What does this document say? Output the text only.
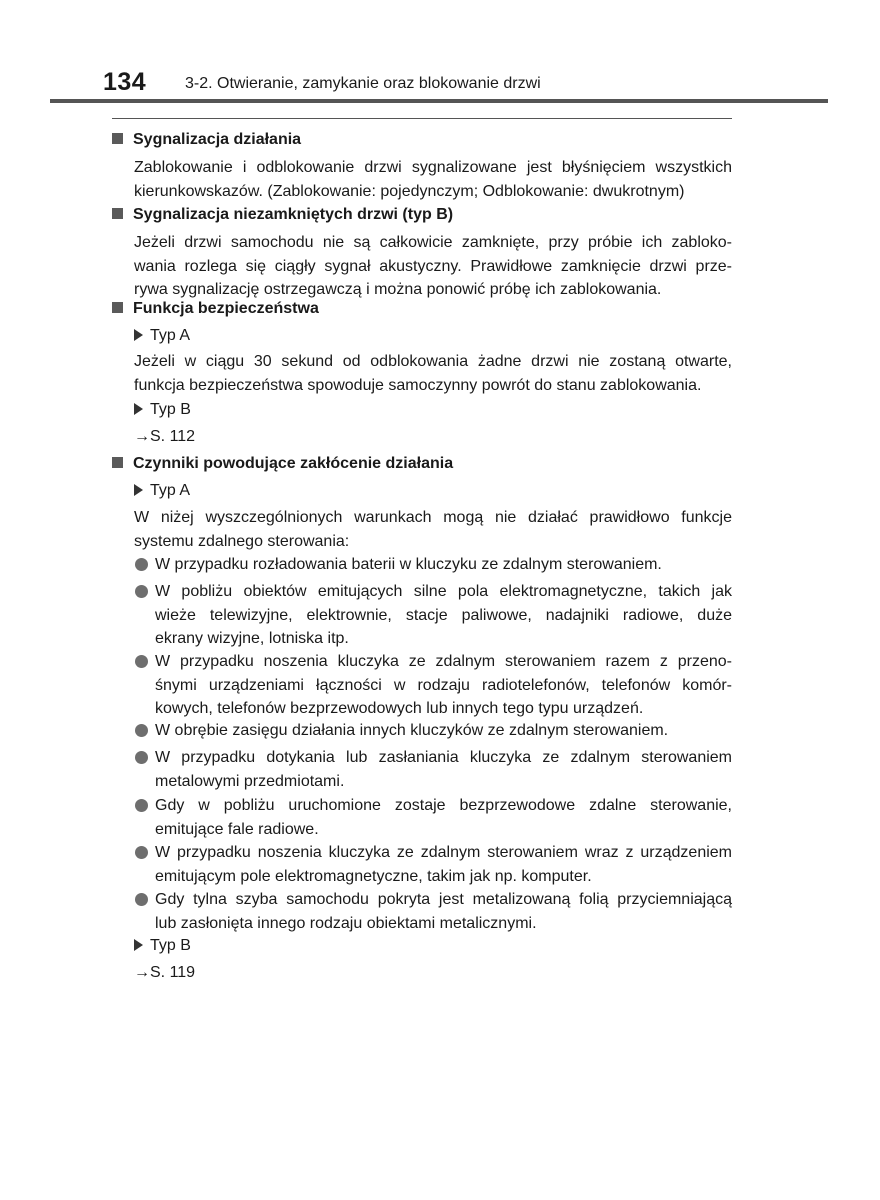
134 3-2. Otwieranie, zamykanie oraz blokowanie drzwi
Sygnalizacja działania
Zablokowanie i odblokowanie drzwi sygnalizowane jest błyśnięciem wszystkich
kierunkowskazów. (Zablokowanie: pojedynczym; Odblokowanie: dwukrotnym)
Sygnalizacja niezamkniętych drzwi (typ B)
Jeżeli drzwi samochodu nie są całkowicie zamknięte, przy próbie ich zabloko-
wania rozlega się ciągły sygnał akustyczny. Prawidłowe zamknięcie drzwi prze-
rywa sygnalizację ostrzegawczą i można ponowić próbę ich zablokowania.
Funkcja bezpieczeństwa
Typ A
Jeżeli w ciągu 30 sekund od odblokowania żadne drzwi nie zostaną otwarte,
funkcja bezpieczeństwa spowoduje samoczynny powrót do stanu zablokowania.
Typ B
→S. 112
Czynniki powodujące zakłócenie działania
Typ A
W niżej wyszczególnionych warunkach mogą nie działać prawidłowo funkcje
systemu zdalnego sterowania:
W przypadku rozładowania baterii w kluczyku ze zdalnym sterowaniem.
W pobliżu obiektów emitujących silne pola elektromagnetyczne, takich jak
wieże telewizyjne, elektrownie, stacje paliwowe, nadajniki radiowe, duże
ekrany wizyjne, lotniska itp.
W przypadku noszenia kluczyka ze zdalnym sterowaniem razem z przeno-
śnymi urządzeniami łączności w rodzaju radiotelefonów, telefonów komór-
kowych, telefonów bezprzewodowych lub innych tego typu urządzeń.
W obrębie zasięgu działania innych kluczyków ze zdalnym sterowaniem.
W przypadku dotykania lub zasłaniania kluczyka ze zdalnym sterowaniem
metalowymi przedmiotami.
Gdy w pobliżu uruchomione zostaje bezprzewodowe zdalne sterowanie,
emitujące fale radiowe.
W przypadku noszenia kluczyka ze zdalnym sterowaniem wraz z urządzeniem
emitującym pole elektromagnetyczne, takim jak np. komputer.
Gdy tylna szyba samochodu pokryta jest metalizowaną folią przyciemniającą
lub zasłonięta innego rodzaju obiektami metalicznymi.
Typ B
→S. 119
